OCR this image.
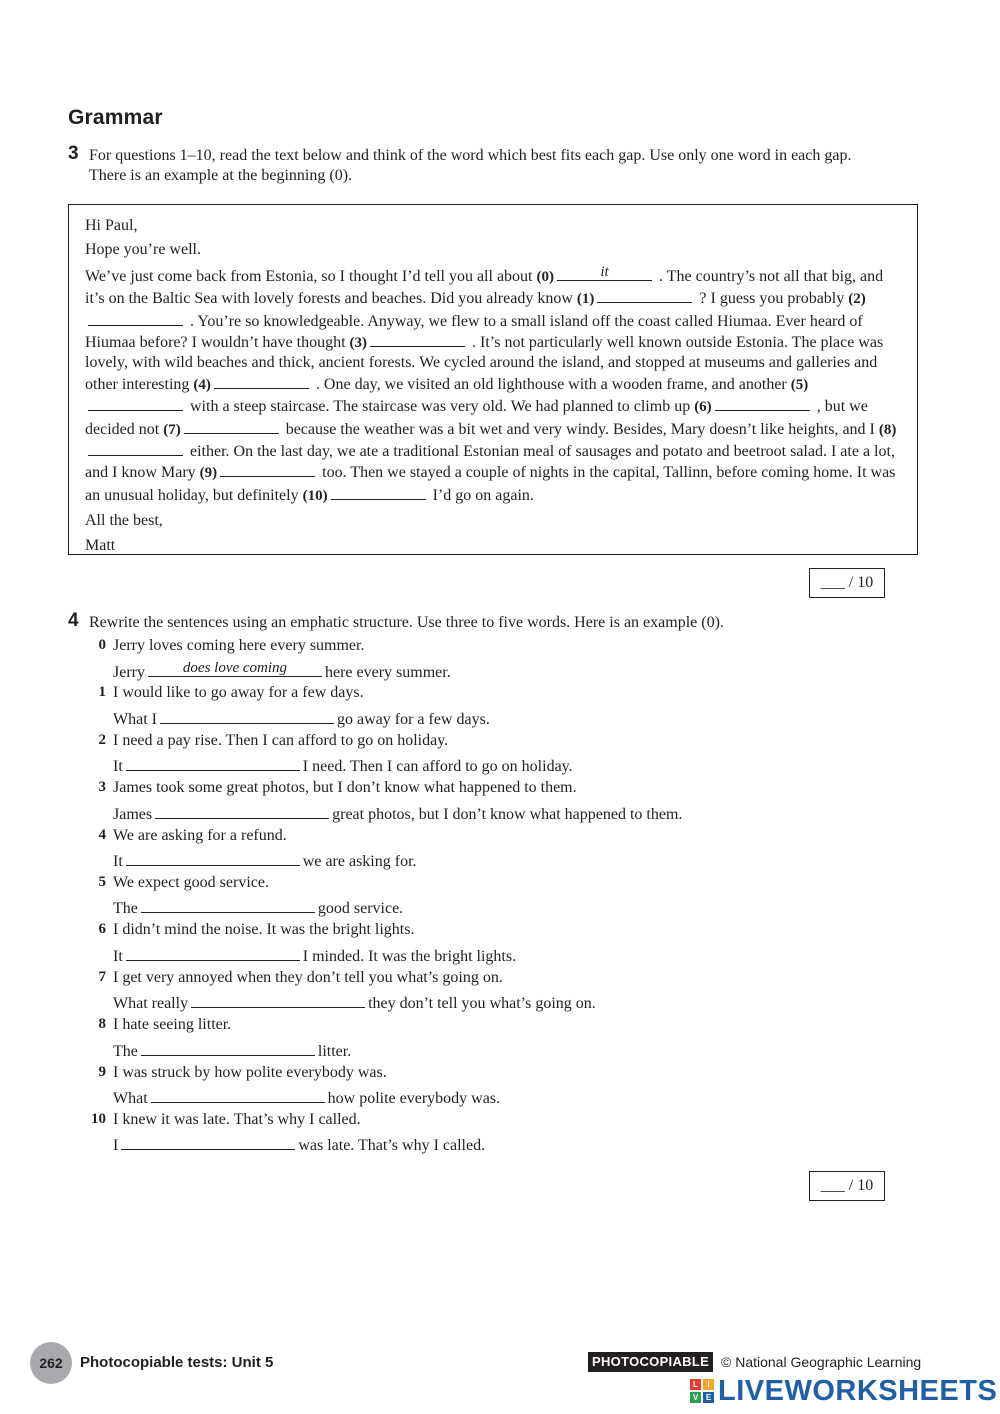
Grammar
3 For questions 1–10, read the text below and think of the word which best fits each gap. Use only one word in each gap. There is an example at the beginning (0).

Hi Paul,

Hope you’re well.

We’ve just come back from Estonia, so I thought I’d tell you all about (0)	it	. The country’s not all that big, and it’s on the Baltic Sea with lovely forests and beaches. Did you already know (1)	? I guess you probably (2) . You’re so knowledgeable. Anyway, we flew to a small island off the coast called Hiumaa. Ever heard of Hiumaa before? I wouldn’t have thought (3)	. It’s not particularly well known outside Estonia. The place was lovely, with wild beaches and thick, ancient forests. We cycled around the island, and stopped at museums and galleries and other interesting (4)	. One day, we visited an old lighthouse with a wooden frame, and another (5) with a steep staircase. The staircase was very old. We had planned to climb up (6)	, but we decided not (7)	because the weather was a bit wet and very windy. Besides, Mary doesn’t like heights, and I (8) either. On the last day, we ate a traditional Estonian meal of sausages and potato and beetroot salad. I ate a lot, and I know Mary (9)	too. Then we stayed a couple of nights in the capital, Tallinn, before coming home. It was an unusual holiday, but definitely (10)	I’d go on again.

All the best,

Matt

___ / 10
4 Rewrite the sentences using an emphatic structure. Use three to five words. Here is an example (0).
0 Jerry loves coming here every summer.
Jerry	does love coming	here every summer.
1 I would like to go away for a few days.
What I	go away for a few days.
2 I need a pay rise. Then I can afford to go on holiday.
It	I need. Then I can afford to go on holiday.
3 James took some great photos, but I don’t know what happened to them.
James	great photos, but I don’t know what happened to them.
4 We are asking for a refund.
It	we are asking for.
5 We expect good service.
The	good service.
6 I didn’t mind the noise. It was the bright lights.
It	I minded. It was the bright lights.
7 I get very annoyed when they don’t tell you what’s going on.
What really	they don’t tell you what’s going on.
8 I hate seeing litter.
The	litter.
9 I was struck by how polite everybody was.
What	how polite everybody was.
10 I knew it was late. That’s why I called.
I	was late. That’s why I called.
___ / 10
262	Photocopiable tests: Unit 5	PHOTOCOPIABLE © National Geographic Learning
L	I
V E LIVEWORKSHEETS
